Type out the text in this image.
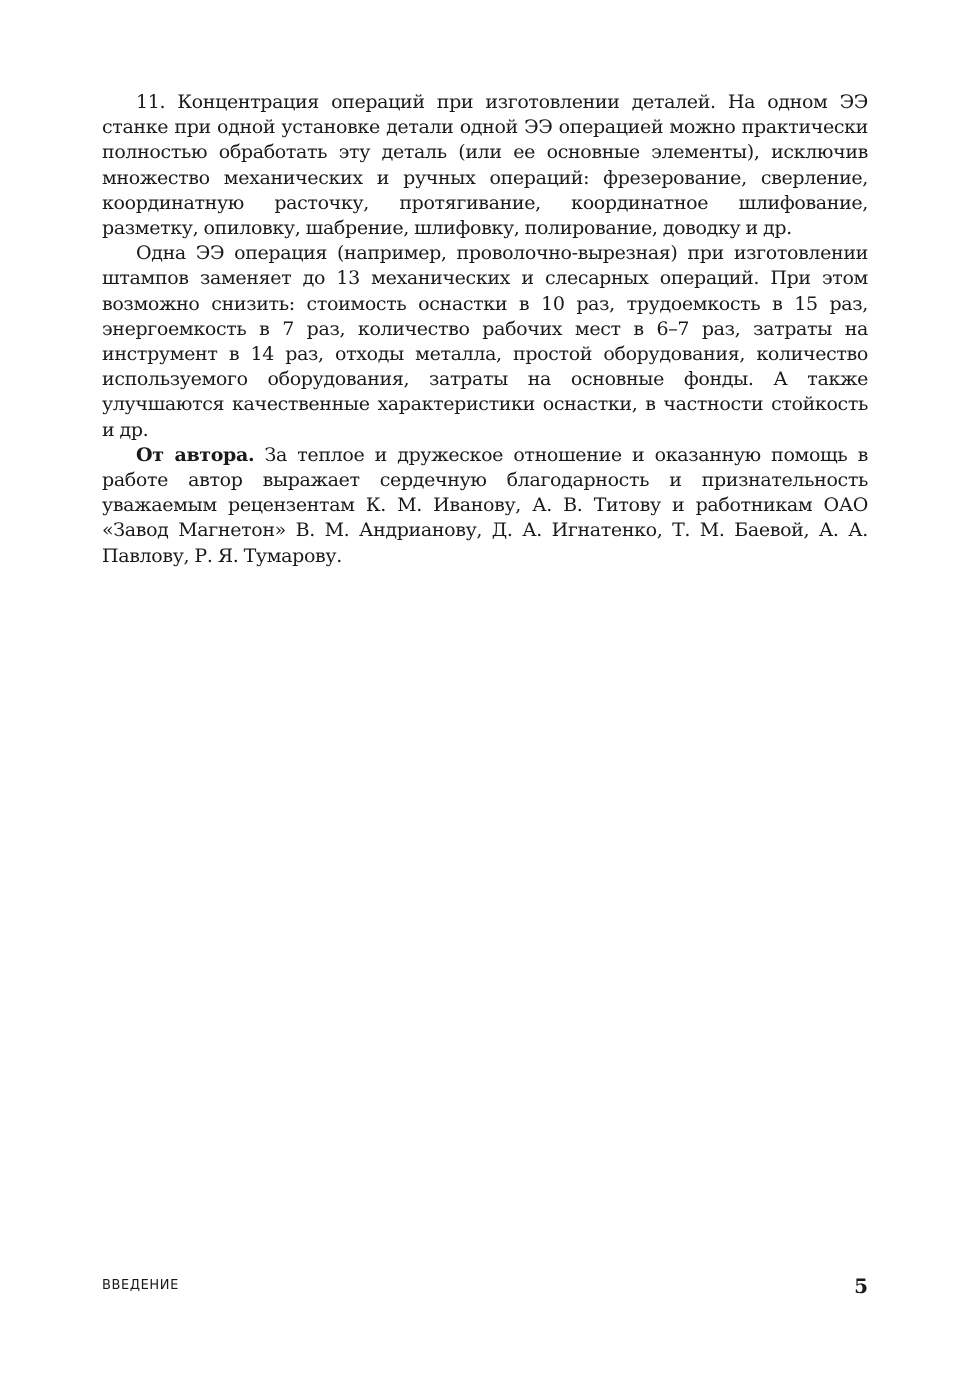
11. Концентрация операций при изготовлении деталей. На одном ЭЭ станке при одной установке детали одной ЭЭ операцией можно практически полностью обработать эту деталь (или ее основные элементы), исключив множество механических и ручных операций: фрезерование, сверление, координатную расточку, протягивание, координатное шлифование, разметку, опиловку, шабрение, шлифовку, полирование, доводку и др.

Одна ЭЭ операция (например, проволочно-вырезная) при изготовлении штампов заменяет до 13 механических и слесарных операций. При этом возможно снизить: стоимость оснастки в 10 раз, трудоемкость в 15 раз, энергоемкость в 7 раз, количество рабочих мест в 6–7 раз, затраты на инструмент в 14 раз, отходы металла, простой оборудования, количество используемого оборудования, затраты на основные фонды. А также улучшаются качественные характеристики оснастки, в частности стойкость и др.

От автора. За теплое и дружеское отношение и оказанную помощь в работе автор выражает сердечную благодарность и признательность уважаемым рецензентам К. М. Иванову, А. В. Титову и работникам ОАО «Завод Магнетон» В. М. Андрианову, Д. А. Игнатенко, Т. М. Баевой, А. А. Павлову, Р. Я. Тумарову.

ВВЕДЕНИЕ	5
